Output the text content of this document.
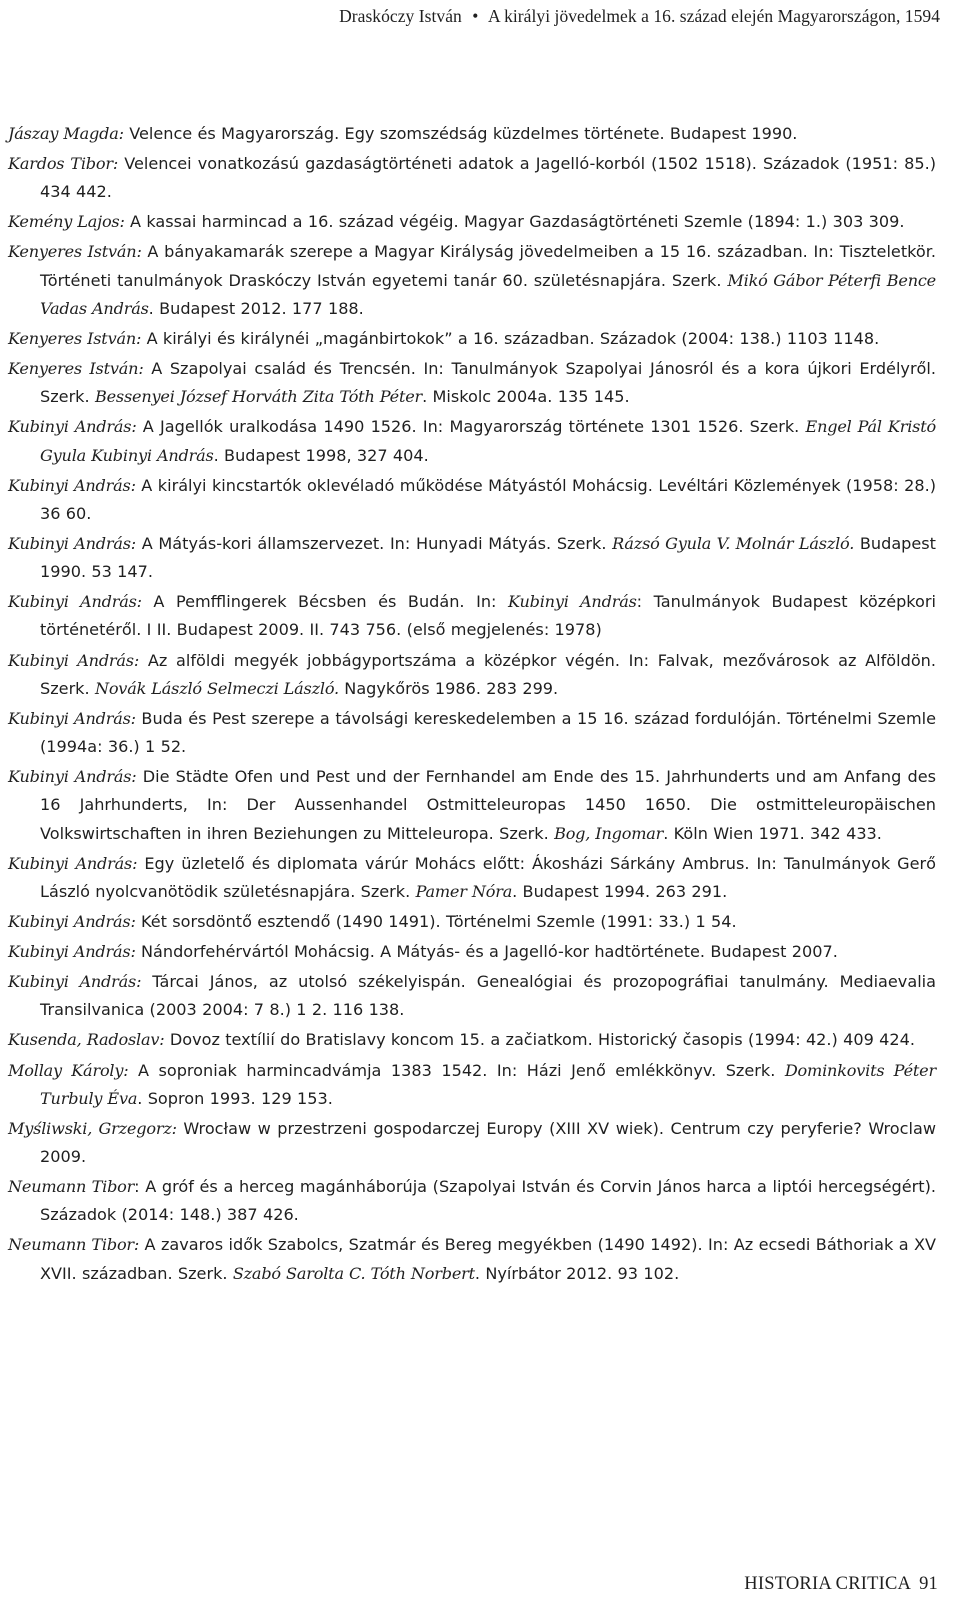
Draskóczy István • A királyi jövedelmek a 16. század elején Magyarországon, 1594

Jászay Magda: Velence és Magyarország. Egy szomszédság küzdelmes története. Budapest 1990.

Kardos Tibor: Velencei vonatkozású gazdaságtörténeti adatok a Jagelló-korból (1502 1518). Századok (1951: 85.) 434 442.

Kemény Lajos: A kassai harmincad a 16. század végéig. Magyar Gazdaságtörténeti Szemle (1894: 1.) 303 309.

Kenyeres István: A bányakamarák szerepe a Magyar Királyság jövedelmeiben a 15 16. században. In: Tiszteletkör. Történeti tanulmányok Draskóczy István egyetemi tanár 60. születésnapjára. Szerk. Mikó Gábor Péterfi Bence Vadas András. Budapest 2012. 177 188.

Kenyeres István: A királyi és királynéi „magánbirtokok” a 16. században. Századok (2004: 138.) 1103 1148.

Kenyeres István: A Szapolyai család és Trencsén. In: Tanulmányok Szapolyai Jánosról és a kora újkori Erdélyről. Szerk. Bessenyei József Horváth Zita Tóth Péter. Miskolc 2004a. 135 145.

Kubinyi András: A Jagellók uralkodása 1490 1526. In: Magyarország története 1301 1526. Szerk. Engel Pál Kristó Gyula Kubinyi András. Budapest 1998, 327 404.

Kubinyi András: A királyi kincstartók oklevéladó működése Mátyástól Mohácsig. Levéltári Közlemények (1958: 28.) 36 60.

Kubinyi András: A Mátyás-kori államszervezet. In: Hunyadi Mátyás. Szerk. Rázsó Gyula V. Molnár László. Budapest 1990. 53 147.

Kubinyi András: A Pemfflingerek Bécsben és Budán. In: Kubinyi András: Tanulmányok Budapest középkori történetéről. I II. Budapest 2009. II. 743 756. (első megjelenés: 1978)

Kubinyi András: Az alföldi megyék jobbágyportszáma a középkor végén. In: Falvak, mezővárosok az Alföldön. Szerk. Novák László Selmeczi László. Nagykőrös 1986. 283 299.

Kubinyi András: Buda és Pest szerepe a távolsági kereskedelemben a 15 16. század fordulóján. Történelmi Szemle (1994a: 36.) 1 52.

Kubinyi András: Die Städte Ofen und Pest und der Fernhandel am Ende des 15. Jahrhunderts und am Anfang des 16 Jahrhunderts, In: Der Aussenhandel Ostmitteleuropas 1450 1650. Die ostmitteleuropäischen Volkswirtschaften in ihren Beziehungen zu Mitteleuropa. Szerk. Bog, Ingomar. Köln Wien 1971. 342 433.

Kubinyi András: Egy üzletelő és diplomata várúr Mohács előtt: Ákosházi Sárkány Ambrus. In: Tanulmányok Gerő László nyolcvanötödik születésnapjára. Szerk. Pamer Nóra. Budapest 1994. 263 291.

Kubinyi András: Két sorsdöntő esztendő (1490 1491). Történelmi Szemle (1991: 33.) 1 54.

Kubinyi András: Nándorfehérvártól Mohácsig. A Mátyás- és a Jagelló-kor hadtörténete. Budapest 2007.

Kubinyi András: Tárcai János, az utolsó székelyispán. Genealógiai és prozopográfiai tanulmány. Mediaevalia Transilvanica (2003 2004: 7 8.) 1 2. 116 138.

Kusenda, Radoslav: Dovoz textílií do Bratislavy koncom 15. a začiatkom. Historický časopis (1994: 42.) 409 424.

Mollay Károly: A soproniak harmincadvámja 1383 1542. In: Házi Jenő emlékkönyv. Szerk. Dominkovits Péter Turbuly Éva. Sopron 1993. 129 153.

Myśliwski, Grzegorz: Wrocław w przestrzeni gospodarczej Europy (XIII XV wiek). Centrum czy peryferie? Wroclaw 2009.

Neumann Tibor: A gróf és a herceg magánháborúja (Szapolyai István és Corvin János harca a liptói hercegségért). Századok (2014: 148.) 387 426.

Neumann Tibor: A zavaros idők Szabolcs, Szatmár és Bereg megyékben (1490 1492). In: Az ecsedi Báthoriak a XV XVII. században. Szerk. Szabó Sarolta C. Tóth Norbert. Nyírbátor 2012. 93 102.

HISTORIA CRITICA 91
